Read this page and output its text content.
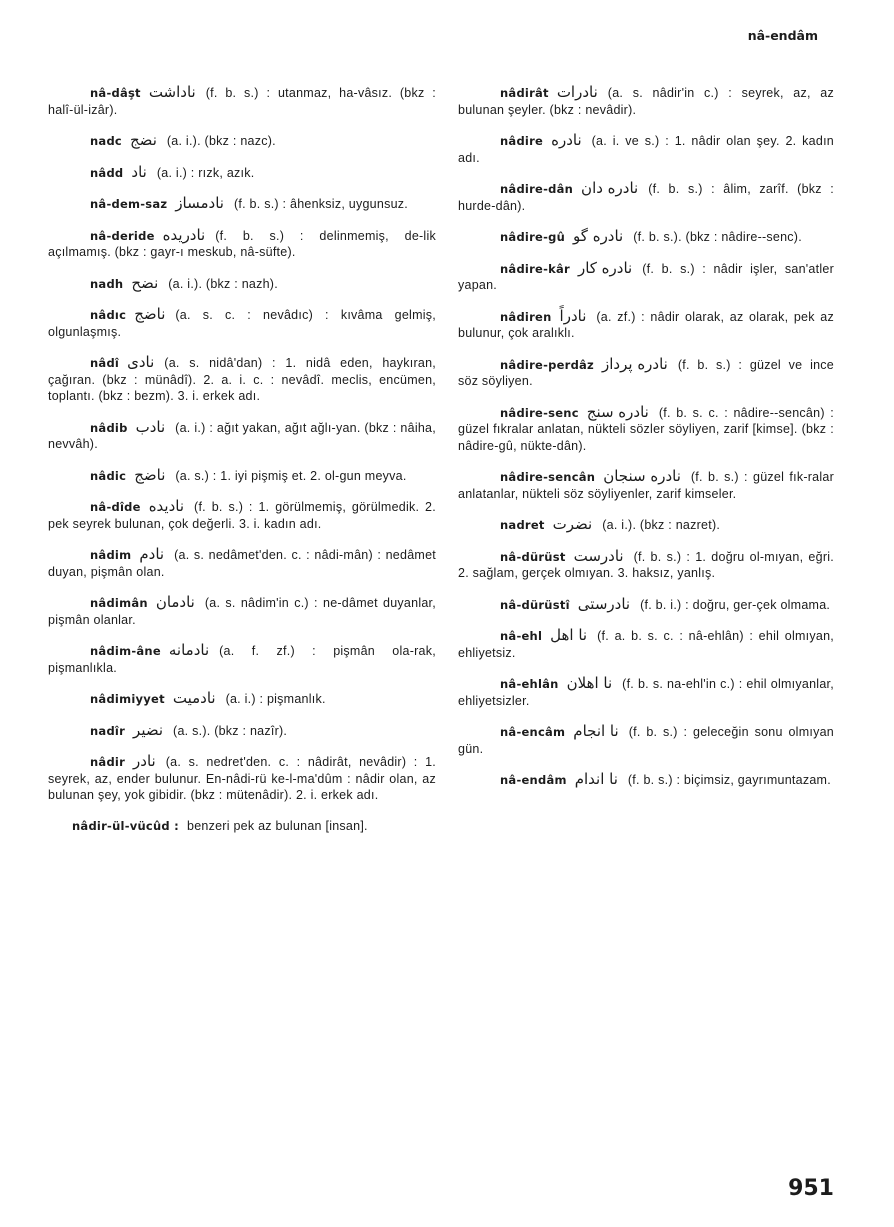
nâ-endâm
nâ-dâşt ناداشت (f. b. s.) : utanmaz, ha-vâsız. (bkz : halî-ül-izâr).
nadc نضج (a. i.). (bkz : nazc).
nâdd ناد (a. i.) : rızk, azık.
nâ-dem-saz نادمساز (f. b. s.) : âhenksiz, uygunsuz.
nâ-deride نادریده (f. b. s.) : delinmemiş, de-lik açılmamış. (bkz : gayr-ı meskub, nâ-süfte).
nadh نضح (a. i.). (bkz : nazh).
nâdıc ناضج (a. s. c. : nevâdıc) : kıvâma gelmiş, olgunlaşmış.
nâdî نادى (a. s. nidâ'dan) : 1. nidâ eden, haykıran, çağıran. (bkz : münâdî). 2. a. i. c. : nevâdî. meclis, encümen, toplantı. (bkz : bezm). 3. i. erkek adı.
nâdib نادب (a. i.) : ağıt yakan, ağıt ağlı-yan. (bkz : nâiha, nevvâh).
nâdic ناضج (a. s.) : 1. iyi pişmiş et. 2. ol-gun meyva.
nâ-dîde نادیده (f. b. s.) : 1. görülmemiş, görülmedik. 2. pek seyrek bulunan, çok değerli. 3. i. kadın adı.
nâdim نادم (a. s. nedâmet'den. c. : nâdi-mân) : nedâmet duyan, pişmân olan.
nâdimân نادمان (a. s. nâdim'in c.) : ne-dâmet duyanlar, pişmân olanlar.
nâdim-âne نادمانه (a. f. zf.) : pişmân ola-rak, pişmanlıkla.
nâdimiyyet نادمیت (a. i.) : pişmanlık.
nadîr نضیر (a. s.). (bkz : nazîr).
nâdir نادر (a. s. nedret'den. c. : nâdirât, nevâdir) : 1. seyrek, az, ender bulunur. En-nâdi-rü ke-l-ma'dûm : nâdir olan, az bulunan şey, yok gibidir. (bkz : mütenâdir). 2. i. erkek adı.
nâdir-ül-vücûd : benzeri pek az bulunan [insan].
nâdirât نادرات (a. s. nâdir'in c.) : seyrek, az, az bulunan şeyler. (bkz : nevâdir).
nâdire نادره (a. i. ve s.) : 1. nâdir olan şey. 2. kadın adı.
nâdire-dân نادره دان (f. b. s.) : âlim, zarîf. (bkz : hurde-dân).
nâdire-gû نادره گو (f. b. s.). (bkz : nâdire--senc).
nâdire-kâr نادره كار (f. b. s.) : nâdir işler, san'atler yapan.
nâdiren نادراً (a. zf.) : nâdir olarak, az olarak, pek az bulunur, çok aralıklı.
nâdire-perdâz نادره پرداز (f. b. s.) : güzel ve ince söz söyliyen.
nâdire-senc نادره سنج (f. b. s. c. : nâdire--sencân) : güzel fıkralar anlatan, nükteli sözler söyliyen, zarif [kimse]. (bkz : nâdire-gû, nükte-dân).
nâdire-sencân نادره سنجان (f. b. s.) : güzel fık-ralar anlatanlar, nükteli söz söyliyenler, zarif kimseler.
nadret نضرت (a. i.). (bkz : nazret).
nâ-dürüst نادرست (f. b. s.) : 1. doğru ol-mıyan, eğri. 2. sağlam, gerçek olmıyan. 3. haksız, yanlış.
nâ-dürüstî نادرستى (f. b. i.) : doğru, ger-çek olmama.
nâ-ehl نا اهل (f. a. b. s. c. : nâ-ehlân) : ehil olmıyan, ehliyetsiz.
nâ-ehlân نا اهلان (f. b. s. na-ehl'in c.) : ehil olmıyanlar, ehliyetsizler.
nâ-encâm نا انجام (f. b. s.) : geleceğin sonu olmıyan gün.
nâ-endâm نا اندام (f. b. s.) : biçimsiz, gayrımuntazam.
951
